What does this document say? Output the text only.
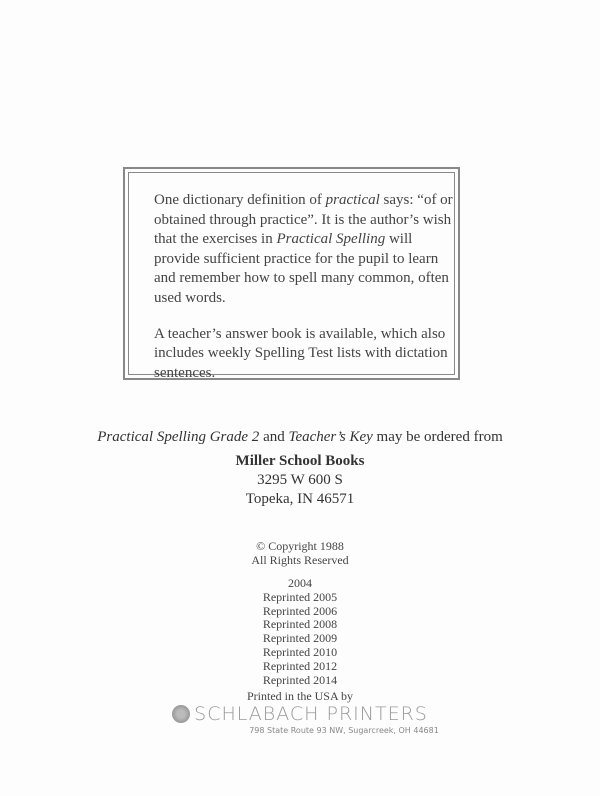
One dictionary definition of practical says: “of or obtained through practice”. It is the author’s wish that the exercises in Practical Spelling will provide sufficient practice for the pupil to learn and remember how to spell many common, often used words.

A teacher’s answer book is available, which also includes weekly Spelling Test lists with dictation sentences.

Practical Spelling Grade 2 and Teacher’s Key may be ordered from
Miller School Books
3295 W 600 S
Topeka, IN 46571
© Copyright 1988
All Rights Reserved
2004
Reprinted 2005
Reprinted 2006
Reprinted 2008
Reprinted 2009
Reprinted 2010
Reprinted 2012
Reprinted 2014
Printed in the USA by
SCHLABACH PRINTERS
798 State Route 93 NW, Sugarcreek, OH 44681
